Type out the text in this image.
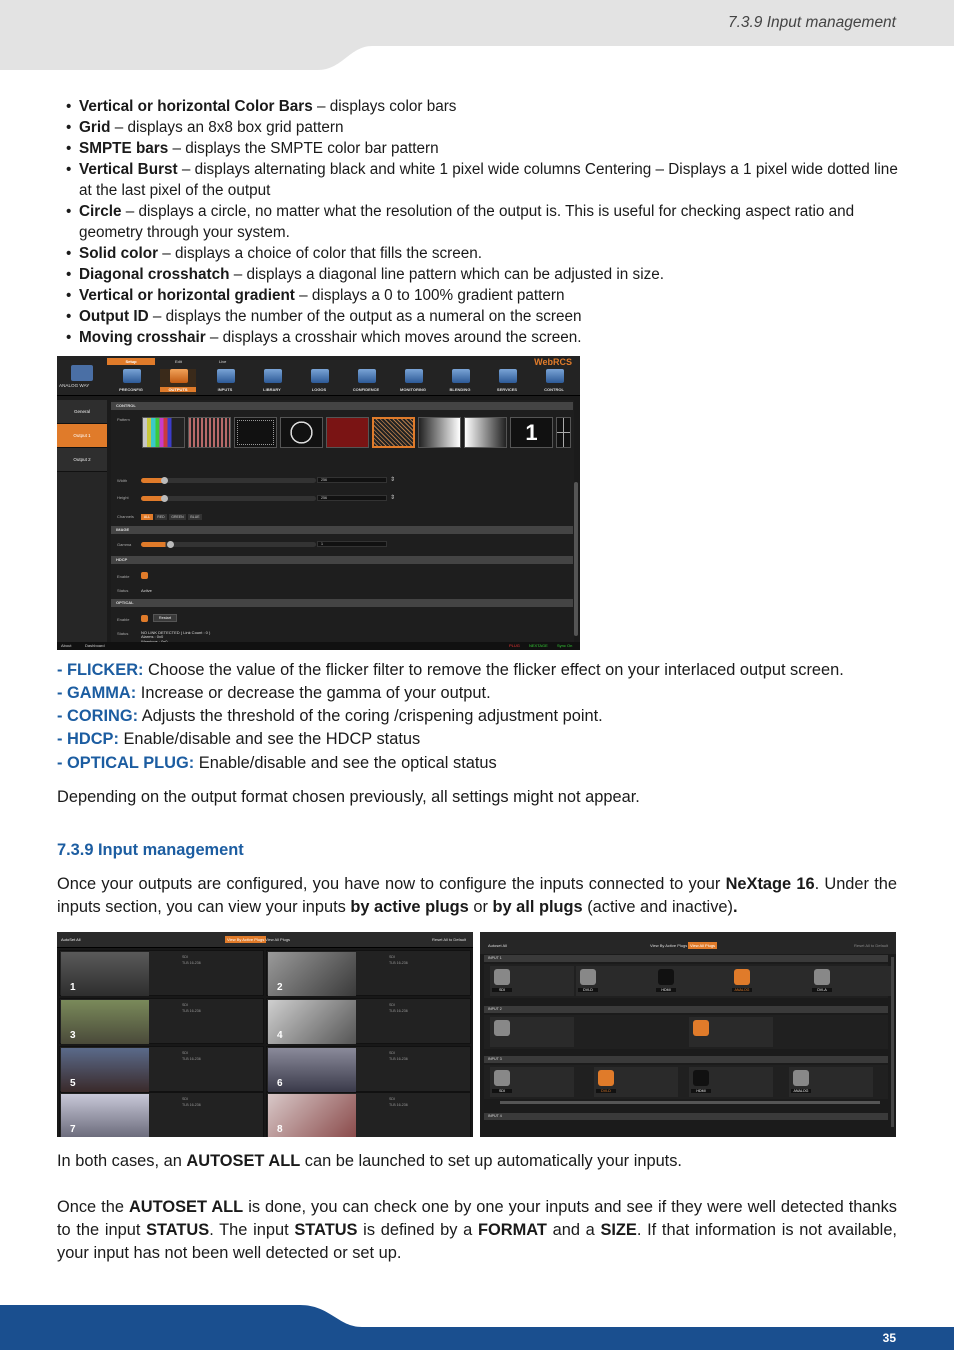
7.3.9 Input management
• Vertical or horizontal Color Bars – displays color bars
• Grid – displays an 8x8 box grid pattern
• SMPTE bars – displays the SMPTE color bar pattern
• Vertical Burst – displays alternating black and white 1 pixel wide columns Centering – Displays a 1 pixel wide dotted line at the last pixel of the output
• Circle – displays a circle, no matter what the resolution of the output is. This is useful for checking aspect ratio and geometry through your system.
• Solid color – displays a choice of color that fills the screen.
• Diagonal crosshatch – displays a diagonal line pattern which can be adjusted in size.
• Vertical or horizontal gradient – displays a 0 to 100% gradient pattern
• Output ID – displays the number of the output as a numeral on the screen
• Moving crosshair – displays a crosshair which moves around the screen.
Setup	Edit	Live
ANALOG WAY
WebRCS
PRECONFIG	OUTPUTS	INPUTS	LIBRARY	LOGOS	CONFIDENCE	MONITORING	BLENDING	SERVICES	CONTROL
General
Output 1
Output 2
CONTROL
Pattern
1
Width	256	⇕
Height	256	⇕
Channels	ALL	RED	GREEN	BLUE
IMAGE
Gamma	1
HDCP
Enable
Status	Active
OPTICAL
Enable	Restart
Status	NO LINK DETECTED ( Link Count : 0 )
Alarms : 0x0
About	Dashboard	PLUG NEXTAGE Sync On
- FLICKER: Choose the value of the flicker filter to remove the flicker effect on your interlaced output screen.
- GAMMA: Increase or decrease the gamma of your output.
- CORING: Adjusts the threshold of the coring /crispening adjustment point.
- HDCP: Enable/disable and see the HDCP status
- OPTICAL PLUG: Enable/disable and see the optical status
Depending on the output format chosen previously, all settings might not appear.
7.3.9 Input management
Once your outputs are configured, you have now to configure the inputs connected to your NeXtage 16. Under the inputs section, you can view your inputs by active plugs or by all plugs (active and inactive).
AutoSet All	View By Active Plugs View All Plugs	Reset All to Default
1
SDI
TLB 16-236
2
SDI
TLB 16-236
3
SDI
TLB 16-236
4
SDI
TLB 16-236
5
SDI
TLB 16-236
6
SDI
TLB 16-236
7
SDI
TLB 16-236
8
SDI
TLB 16-236
Autoset All	View By Active Plugs View All Plugs	Reset All to Default
INPUT 1
SDI	DVI-D	HDMI	ANALOG	DVI-A
INPUT 2
INPUT 3
SDI	DVI-D	HDMI	ANALOG
INPUT 4
In both cases, an AUTOSET ALL can be launched to set up automatically your inputs.
Once the AUTOSET ALL is done, you can check one by one your inputs and see if they were well detected thanks to the input STATUS. The input STATUS is defined by a FORMAT and a SIZE. If that information is not available, your input has not been well detected or set up.
35
